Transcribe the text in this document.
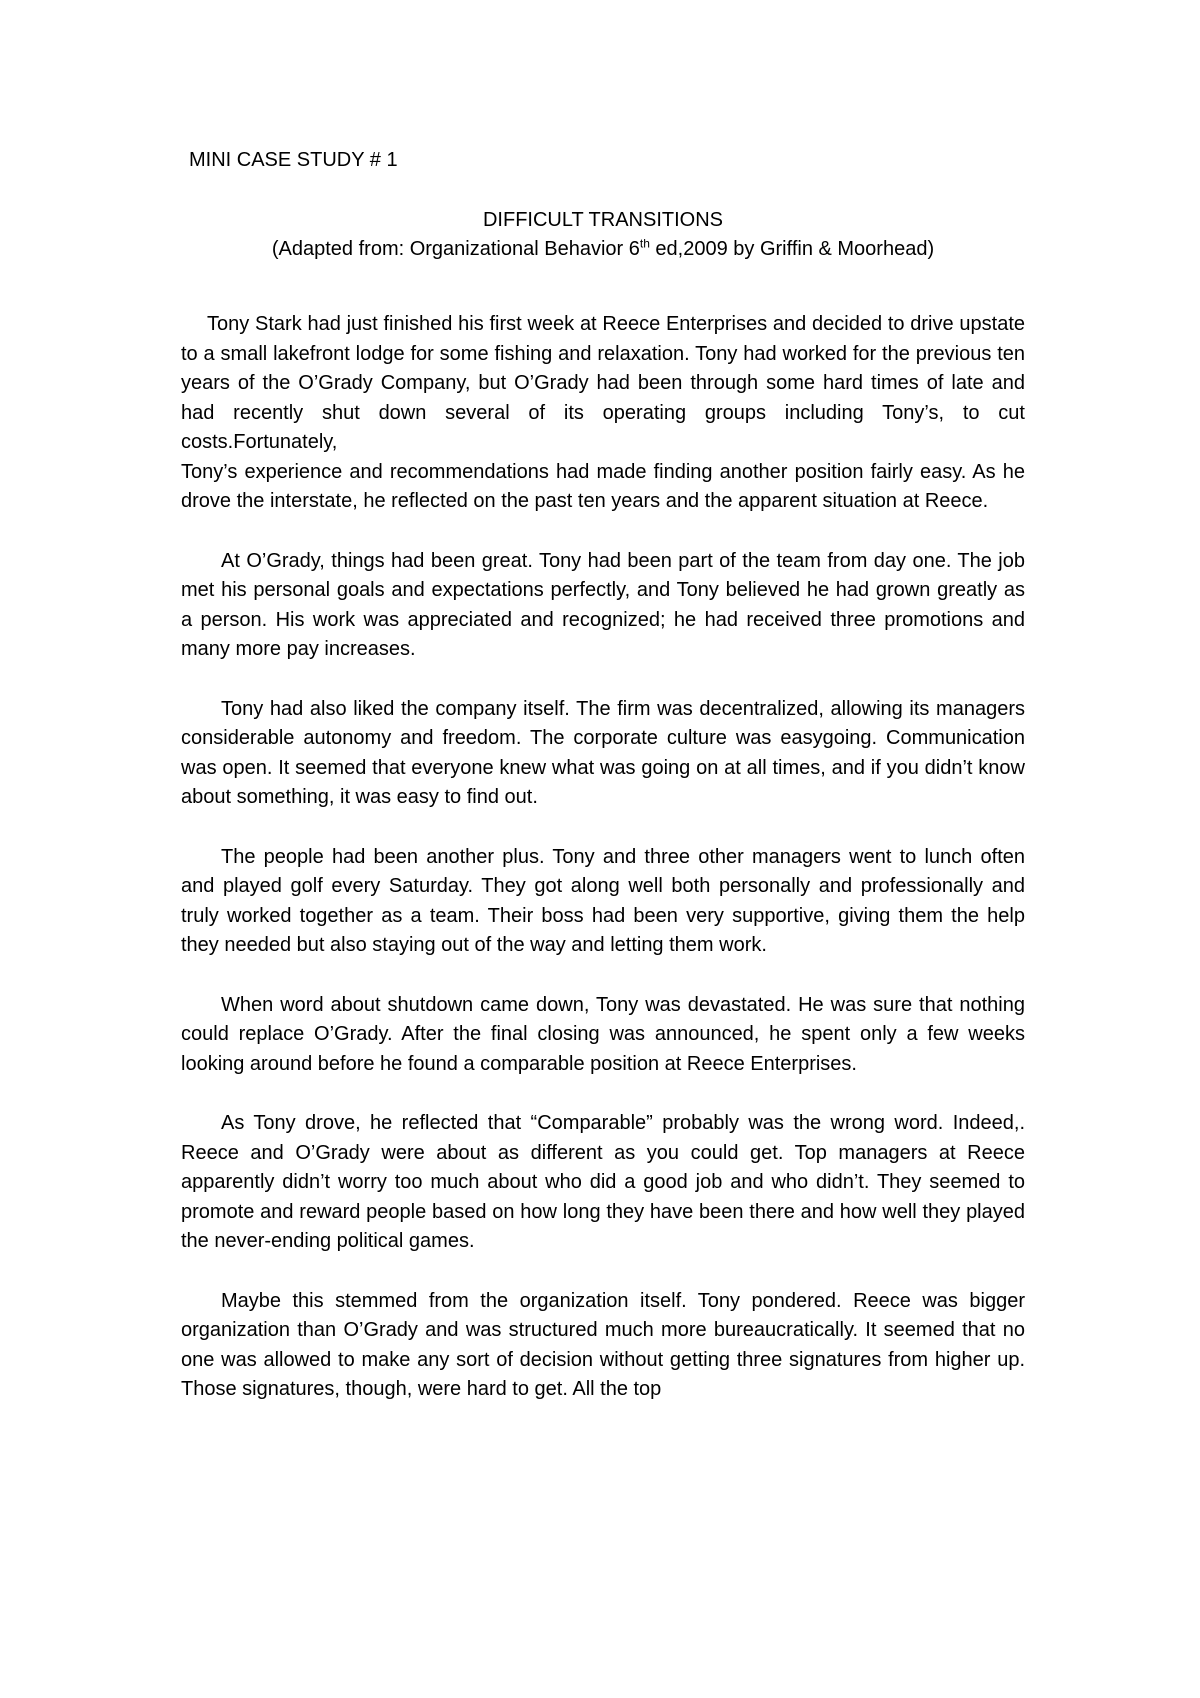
MINI CASE STUDY # 1
DIFFICULT TRANSITIONS
(Adapted from: Organizational Behavior 6th ed,2009 by Griffin & Moorhead)

Tony Stark had just finished his first week at Reece Enterprises and decided to drive upstate to a small lakefront lodge for some fishing and relaxation. Tony had worked for the previous ten years of the O’Grady Company, but O’Grady had been through some hard times of late and had recently shut down several of its operating groups including Tony’s, to cut costs.Fortunately,
Tony’s experience and recommendations had made finding another position fairly easy. As he drove the interstate, he reflected on the past ten years and the apparent situation at Reece.

At O’Grady, things had been great. Tony had been part of the team from day one. The job met his personal goals and expectations perfectly, and Tony believed he had grown greatly as a person. His work was appreciated and recognized; he had received three promotions and many more pay increases.

Tony had also liked the company itself. The firm was decentralized, allowing its managers considerable autonomy and freedom. The corporate culture was easygoing. Communication was open. It seemed that everyone knew what was going on at all times, and if you didn’t know about something, it was easy to find out.

The people had been another plus. Tony and three other managers went to lunch often and played golf every Saturday. They got along well both personally and professionally and truly worked together as a team. Their boss had been very supportive, giving them the help they needed but also staying out of the way and letting them work.

When word about shutdown came down, Tony was devastated. He was sure that nothing could replace O’Grady. After the final closing was announced, he spent only a few weeks looking around before he found a comparable position at Reece Enterprises.

As Tony drove, he reflected that “Comparable” probably was the wrong word. Indeed,. Reece and O’Grady were about as different as you could get. Top managers at Reece apparently didn’t worry too much about who did a good job and who didn’t. They seemed to promote and reward people based on how long they have been there and how well they played the never-ending political games.

Maybe this stemmed from the organization itself. Tony pondered. Reece was bigger organization than O’Grady and was structured much more bureaucratically. It seemed that no one was allowed to make any sort of decision without getting three signatures from higher up. Those signatures, though, were hard to get. All the top
